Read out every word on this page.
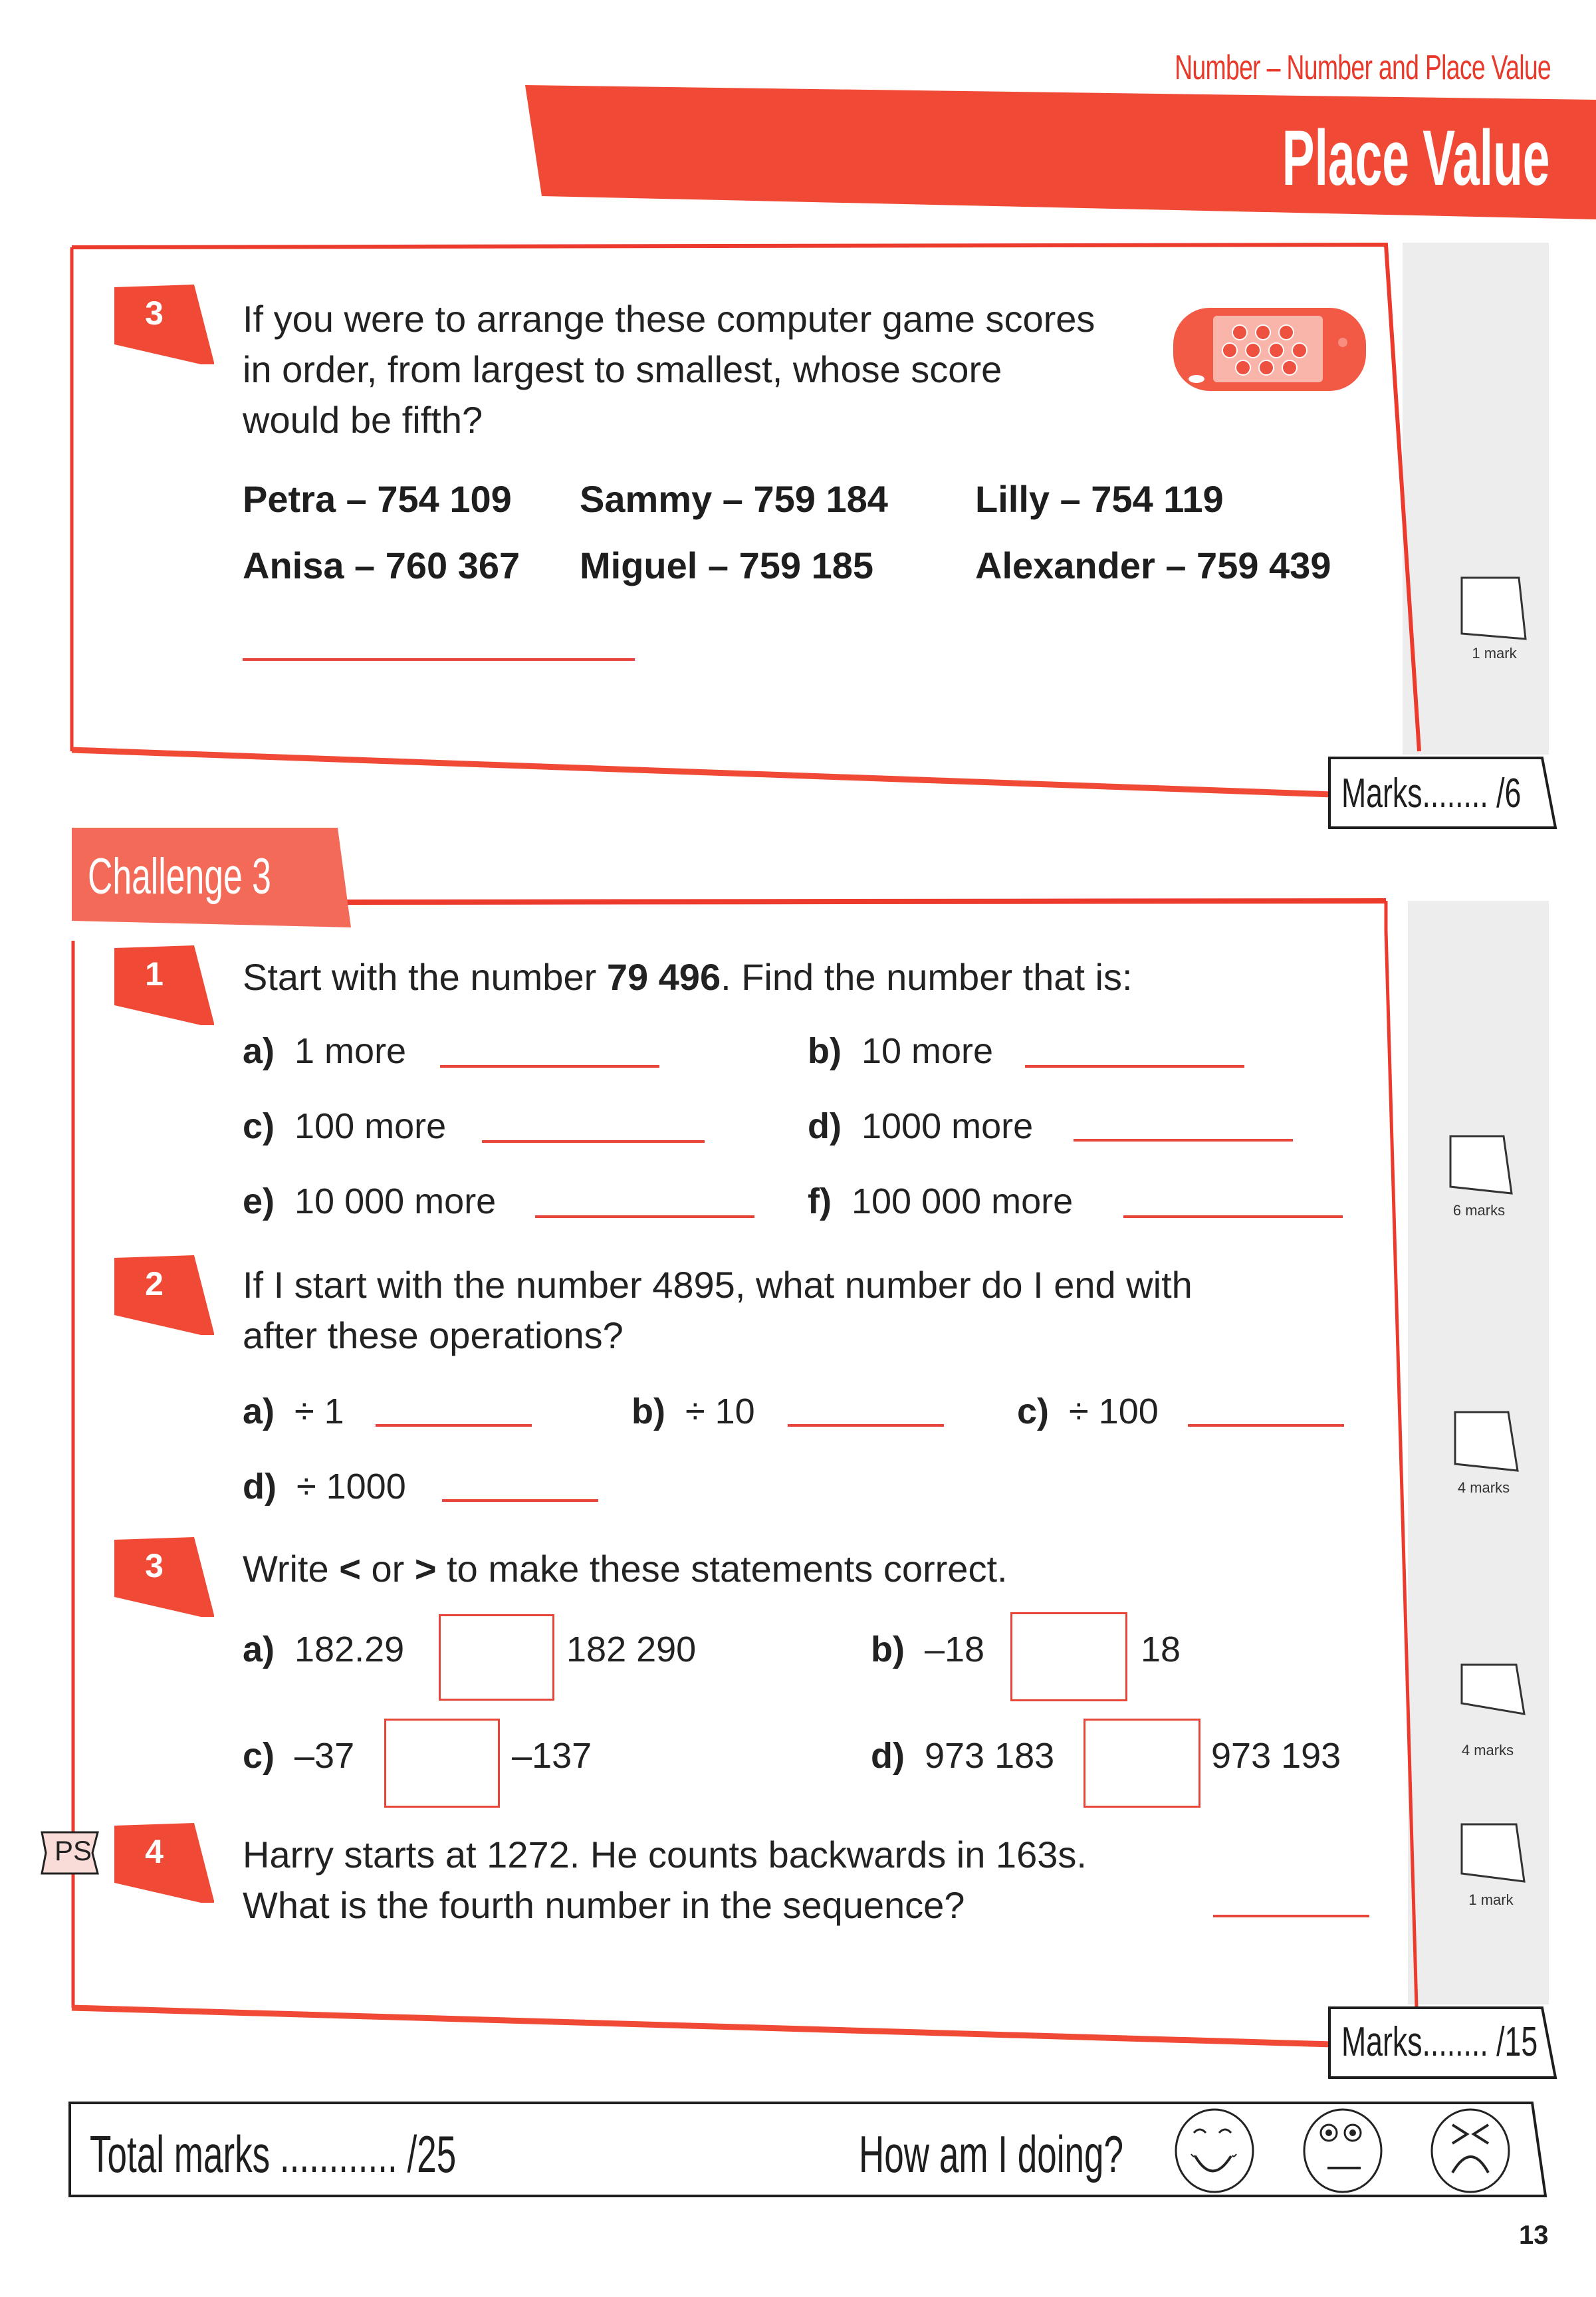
Number – Number and Place Value
Place Value
3	If you were to arrange these computer game scores
in order, from largest to smallest, whose score
would be fifth?
Petra – 754 109 Sammy – 759 184 Lilly – 754 119
Anisa – 760 367 Miguel – 759 185	Alexander – 759 439
1 mark
Marks........ /6
Challenge 3
1	Start with the number 79 496. Find the number that is:
a) 1 more	b) 10 more
c) 100 more	d) 1000 more
e) 10 000 more	f) 100 000 more	6 marks
2	If I start with the number 4895, what number do I end with
after these operations?
a) ÷ 1	b) ÷ 10	c) ÷ 100
d) ÷ 1000	4 marks
3	Write < or > to make these statements correct.
a) 182.29	182 290	b) –18	18
c) –37	–137	d) 973 183	973 193	4 marks
PS	4	Harry starts at 1272. He counts backwards in 163s.
What is the fourth number in the sequence?	1 mark
Marks........ /15
Total marks ............ /25	How am I doing?
13
